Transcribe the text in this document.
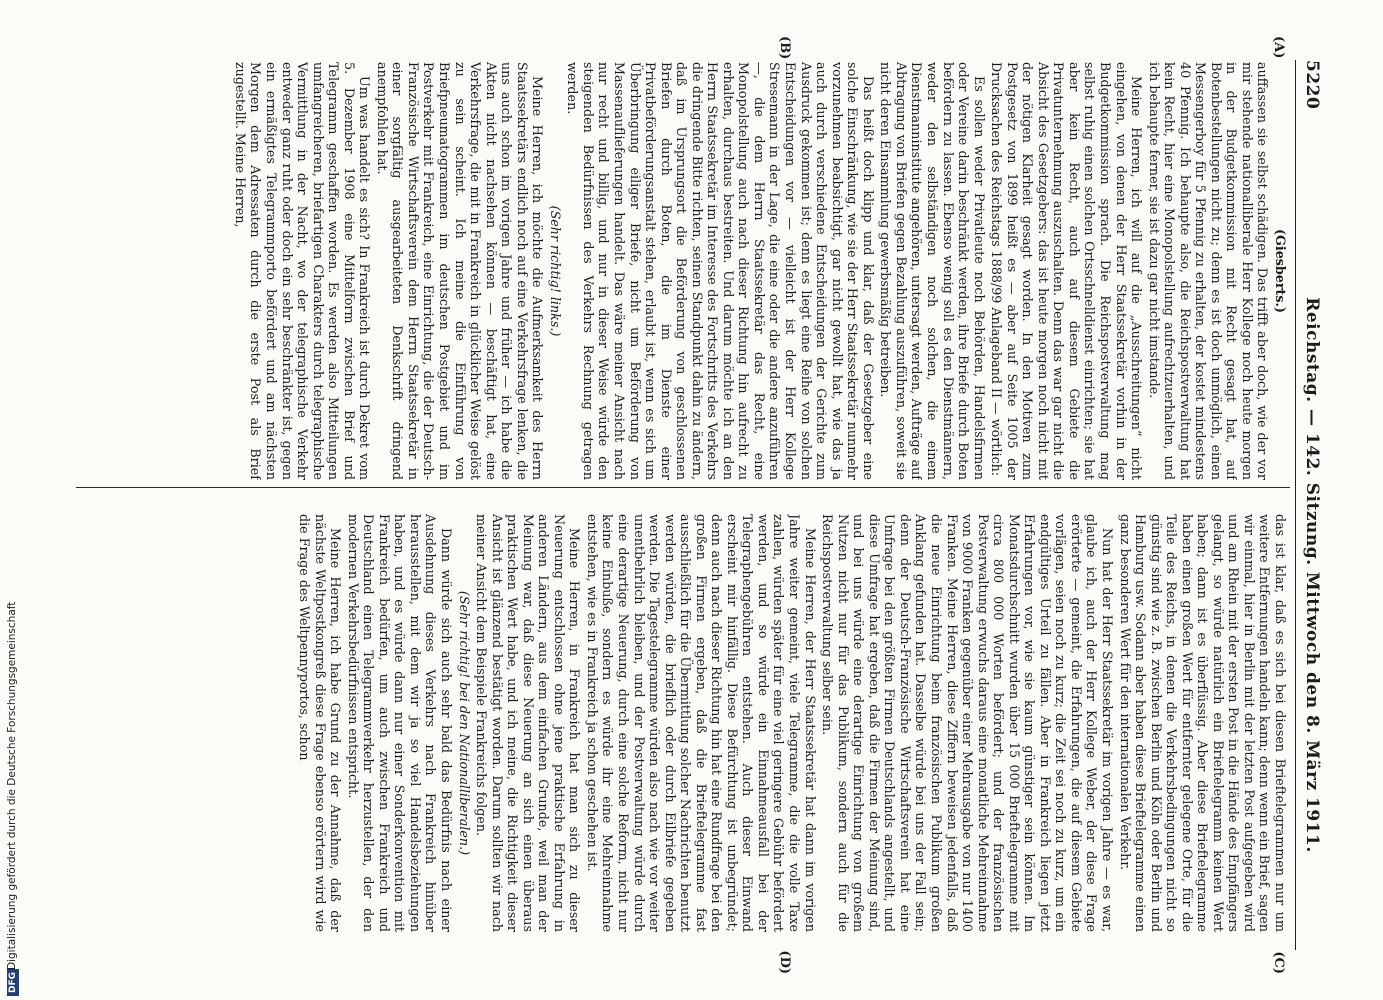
5220
Reichstag. — 142. Sitzung. Mittwoch den 8. März 1911.
(A)
(B)
(C)
(D)
(Giesberts.)

auffassen sie selbst schädigen. Das trifft aber doch, wie der vor mir stehende nationalliberale Herr Kollege noch heute morgen in der Budgetkommission mit Recht gesagt hat, auf Botenbestellungen nicht zu; denn es ist doch unmöglich, einen Messengerboy für 5 Pfennig zu erhalten, der kostet mindestens 40 Pfennig. Ich behaupte also, die Reichspostverwaltung hat kein Recht, hier eine Monopolstellung aufrechtzuerhalten, und ich behaupte ferner, sie ist dazu gar nicht imstande.

Meine Herren, ich will auf die „Ausschreitungen“ nicht eingehen, von denen der Herr Staatssekretär vorhin in der Budgetkommission sprach. Die Reichspostverwaltung mag selbst ruhig einen solchen Ortsschnelldienst einrichten; sie hat aber kein Recht, auch auf diesem Gebiete die Privatunternehmung auszuschalten. Denn das war gar nicht die Absicht des Gesetzgebers: das ist heute morgen noch nicht mit der nötigen Klarheit gesagt worden. In den Motiven zum Postgesetz von 1899 heißt es — aber auf Seite 1005 der Drucksachen des Reichstags 1888/99 Anlageband II — wörtlich:

Es sollen weder Privatleute noch Behörden, Handelsfirmen oder Vereine darin beschränkt werden, ihre Briefe durch Boten befördern zu lassen. Ebenso wenig soll es den Dienstmännern, weder den selbständigen noch solchen, die einem Dienstmanninstitute angehören, untersagt werden, Aufträge auf Abtragung von Briefen gegen Bezahlung auszuführen, soweit sie nicht deren Einsammlung gewerbsmäßig betreiben.

Das heißt doch klipp und klar, daß der Gesetzgeber eine solche Einschränkung, wie sie der Herr Staatssekretär nunmehr vorzunehmen beabsichtigt, gar nicht gewollt hat, wie das ja auch durch verschiedene Entscheidungen der Gerichte zum Ausdruck gekommen ist; denn es liegt eine Reihe von solchen Entscheidungen vor — vielleicht ist der Herr Kollege Stresemann in der Lage, die eine oder die andere anzuführen —, die dem Herrn Staatssekretär das Recht, eine Monopolstellung auch nach dieser Richtung hin aufrecht zu erhalten, durchaus bestreiten. Und darum möchte ich an den Herrn Staatssekretär im Interesse des Fortschritts des Verkehrs die dringende Bitte richten, seinen Standpunkt dahin zu ändern, daß im Ursprungsort die Beförderung von geschlossenen Briefen durch Boten, die im Dienste einer Privatbeförderungsanstalt stehen, erlaubt ist, wenn es sich um Überbringung eiliger Briefe, nicht um Beförderung von Massenauflieferungen handelt. Das wäre meiner Ansicht nach nur recht und billig, und nur in dieser Weise würde den steigenden Bedürfnissen des Verkehrs Rechnung getragen werden.

(Sehr richtig! links.)

Meine Herren, ich möchte die Aufmerksamkeit des Herrn Staatssekretärs endlich noch auf eine Verkehrsfrage lenken, die uns auch schon im vorigen Jahre und früher — ich habe die Akten nicht nachsehen können — beschäftigt hat, eine Verkehrsfrage, die mit in Frankreich in glücklicher Weise gelöst zu sein scheint. Ich meine die Einführung von Briefpneumatogrammen im deutschen Postgebiet und im Postverkehr mit Frankreich, eine Einrichtung, die der Deutsch-Französische Wirtschaftsverein dem Herrn Staatssekretär in einer sorgfältig ausgearbeiteten Denkschrift dringend anempfohlen hat.

Um was handelt es sich? In Frankreich ist durch Dekret vom 5. Dezember 1908 eine Mittelform zwischen Brief und Telegramm geschaffen worden. Es werden also Mitteilungen umfangreicheren, briefartigen Charakters durch telegraphische Vermittlung in der Nacht, wo der telegraphische Verkehr entweder ganz ruht oder doch ein sehr beschränkter ist, gegen ein ermäßigtes Telegrammporto befördert und am nächsten Morgen dem Adressaten durch die erste Post als Brief zugestellt. Meine Herren,

das ist klar, daß es sich bei diesen Brieftelegrammen nur um weitere Entfernungen handeln kann; denn wenn ein Brief, sagen wir einmal, hier in Berlin mit der letzten Post aufgegeben wird und am Rhein mit der ersten Post in die Hände des Empfängers gelangt, so würde natürlich ein Brieftelegramm keinen Wert haben; dann ist es überflüssig. Aber diese Brieftelegramme haben einen großen Wert für entfernter gelegene Orte, für die Teile des Reichs, in denen die Verkehrsbedingungen nicht so günstig sind wie z. B. zwischen Berlin und Köln oder Berlin und Hamburg usw. Sodann aber haben diese Brieftelegramme einen ganz besonderen Wert für den internationalen Verkehr.

Nun hat der Herr Staatssekretär im vorigen Jahre — es war, glaube ich, auch der Herr Kollege Weber, der diese Frage erörterte — gemeint, die Erfahrungen, die auf diesem Gebiete vorlägen, seien noch zu kurz; die Zeit sei noch zu kurz, um ein endgültiges Urteil zu fällen. Aber in Frankreich liegen jetzt Erfahrungen vor, wie sie kaum günstiger sein können. Im Monatsdurchschnitt wurden über 15 000 Brieftelegramme mit circa 800 000 Worten befördert; und der französischen Postverwaltung erwuchs daraus eine monatliche Mehreinnahme von 9000 Franken gegenüber einer Mehrausgabe von nur 1400 Franken. Meine Herren, diese Ziffern beweisen jedenfalls, daß die neue Einrichtung beim französischen Publikum großen Anklang gefunden hat. Dasselbe würde bei uns der Fall sein; denn der Deutsch-Französische Wirtschaftsverein hat eine Umfrage bei den größten Firmen Deutschlands angestellt, und diese Umfrage hat ergeben, daß die Firmen der Meinung sind, und bei uns würde eine derartige Einrichtung von großem Nutzen nicht nur für das Publikum, sondern auch für die Reichspostverwaltung selber sein.

Meine Herren, der Herr Staatssekretär hat dann im vorigen Jahre weiter gemeint, viele Telegramme, die die volle Taxe zahlen, würden später für eine viel geringere Gebühr befördert werden, und so würde ein Einnahmeausfall bei der Telegraphengebühren entstehen. Auch dieser Einwand erscheint mir hinfällig. Diese Befürchtung ist unbegründet; denn auch nach dieser Richtung hin hat eine Rundfrage bei den großen Firmen ergeben, daß die Brieftelegramme fast ausschließlich für die Übermittlung solcher Nachrichten benutzt werden würden, die brieflich oder durch Eilbriefe gegeben werden. Die Tagestelegramme würden also nach wie vor weiter unentbehrlich bleiben, und der Postverwaltung würde durch eine derartige Neuerung, durch eine solche Reform, nicht nur keine Einbuße, sondern es würde ihr eine Mehreinnahme entstehen, wie es in Frankreich ja schon geschehen ist.

Meine Herren, in Frankreich hat man sich zu dieser Neuerung entschlossen ohne jene praktische Erfahrung in anderen Ländern, aus dem einfachen Grunde, weil man der Meinung war, daß diese Neuerung an sich einen überaus praktischen Wert habe, und ich meine, die Richtigkeit dieser Ansicht ist glänzend bestätigt worden. Darum sollten wir nach meiner Ansicht dem Beispiele Frankreichs folgen.

(Sehr richtig! bei den Nationalliberalen.)

Dann würde sich auch sehr bald das Bedürfnis nach einer Ausdehnung dieses Verkehrs nach Frankreich hinüber herausstellen, mit dem wir ja so viel Handelsbeziehungen haben, und es würde dann nur einer Sonderkonvention mit Frankreich bedürfen, um auch zwischen Frankreich und Deutschland einen Telegrammverkehr herzustellen, der den modernen Verkehrsbedürfnissen entspricht.

Meine Herren, ich habe Grund zu der Annahme, daß der nächste Weltpostkongreß diese Frage ebenso erörtern wird wie die Frage des Weltpennyportos, schon

DFG
Digitalisierung gefördert durch die Deutsche Forschungsgemeinschaft
